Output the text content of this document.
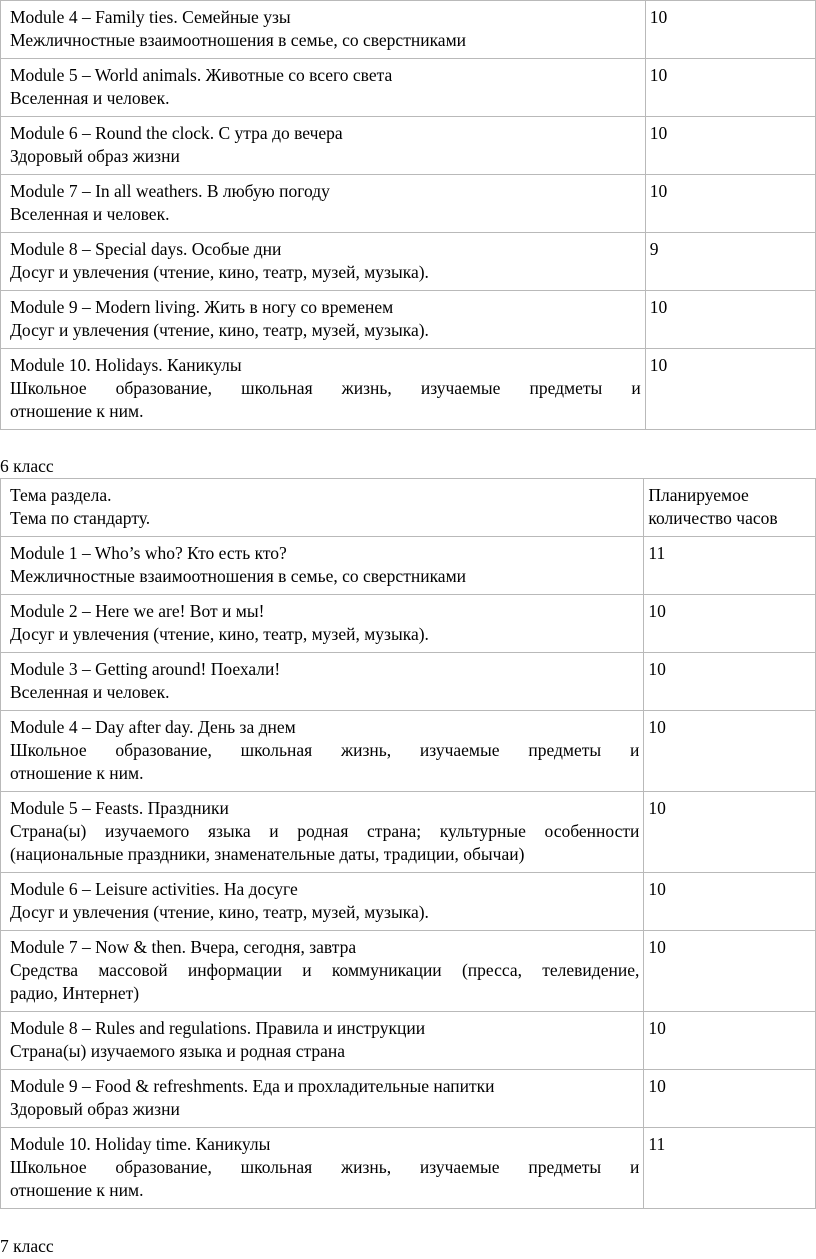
Module 4 – Family ties. Семейные узы
Межличностные взаимоотношения в семье, со сверстниками	10

Module 5 – World animals. Животные со всего света
Вселенная и человек.	10

Module 6 – Round the clock. С утра до вечера
Здоровый образ жизни	10

Module 7 – In all weathers. В любую погоду
Вселенная и человек.	10

Module 8 – Special days. Особые дни
Досуг и увлечения (чтение, кино, театр, музей, музыка).	9

Module 9 – Modern living. Жить в ногу со временем
Досуг и увлечения (чтение, кино, театр, музей, музыка).	10

Module 10. Holidays. Каникулы
Школьное образование, школьная жизнь, изучаемые предметы и
отношение к ним.	10
6 класс
Тема раздела.
Тема по стандарту.	Планируемое
количество часов

Module 1 – Who’s who? Кто есть кто?
Межличностные взаимоотношения в семье, со сверстниками	11

Module 2 – Here we are! Вот и мы!
Досуг и увлечения (чтение, кино, театр, музей, музыка).	10

Module 3 – Getting around! Поехали!
Вселенная и человек.	10

Module 4 – Day after day. День за днем
Школьное образование, школьная жизнь, изучаемые предметы и
отношение к ним.	10

Module 5 – Feasts. Праздники
Страна(ы) изучаемого языка и родная страна; культурные особенности
(национальные праздники, знаменательные даты, традиции, обычаи)	10

Module 6 – Leisure activities. На досуге
Досуг и увлечения (чтение, кино, театр, музей, музыка).	10

Module 7 – Now & then. Вчера, сегодня, завтра
Средства массовой информации и коммуникации (пресса, телевидение,
радио, Интернет)	10

Module 8 – Rules and regulations. Правила и инструкции
Страна(ы) изучаемого языка и родная страна	10

Module 9 – Food & refreshments. Еда и прохладительные напитки
Здоровый образ жизни	10

Module 10. Holiday time. Каникулы
Школьное образование, школьная жизнь, изучаемые предметы и
отношение к ним.	11
7 класс
